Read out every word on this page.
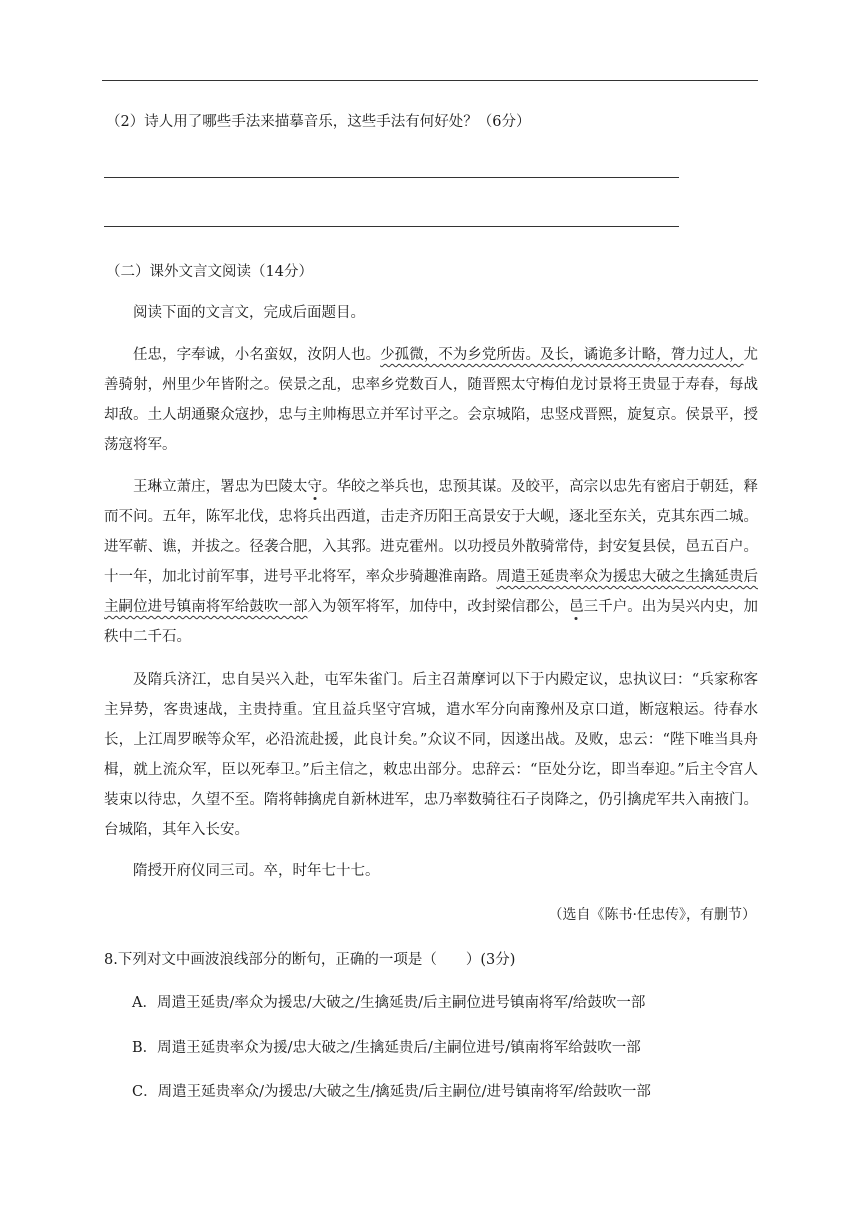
（2）诗人用了哪些手法来描摹音乐，这些手法有何好处？（6分）
（二）课外文言文阅读（14分）
阅读下面的文言文，完成后面题目。

任忠，字奉诚，小名蛮奴，汝阴人也。少孤微，不为乡党所齿。及长，谲诡多计略，膂力过人，尤善骑射，州里少年皆附之。侯景之乱，忠率乡党数百人，随晋熙太守梅伯龙讨景将王贵显于寿春，每战却敌。土人胡通聚众寇抄，忠与主帅梅思立并军讨平之。会京城陷，忠竖戍晋熙，旋复京。侯景平，授荡寇将军。

王琳立萧庄，署忠为巴陵太守。华皎之举兵也，忠预其谋。及皎平，高宗以忠先有密启于朝廷，释而不问。五年，陈军北伐，忠将兵出西道，击走齐历阳王高景安于大岘，逐北至东关，克其东西二城。进军蕲、谯，并拔之。径袭合肥，入其郛。进克霍州。以功授员外散骑常侍，封安复县侯，邑五百户。十一年，加北讨前军事，进号平北将军，率众步骑趣淮南路。周遣王延贵率众为援忠大破之生擒延贵后主嗣位进号镇南将军给鼓吹一部入为领军将军，加侍中，改封梁信郡公，邑三千户。出为吴兴内史，加秩中二千石。

及隋兵济江，忠自吴兴入赴，屯军朱雀门。后主召萧摩诃以下于内殿定议，忠执议曰：“兵家称客主异势，客贵速战，主贵持重。宜且益兵坚守宫城，遣水军分向南豫州及京口道，断寇粮运。待春水长，上江周罗㬋等众军，必沿流赴援，此良计矣。”众议不同，因遂出战。及败，忠云：“陛下唯当具舟楫，就上流众军，臣以死奉卫。”后主信之，敕忠出部分。忠辞云：“臣处分讫，即当奉迎。”后主令宫人装束以待忠，久望不至。隋将韩擒虎自新林进军，忠乃率数骑往石子岗降之，仍引擒虎军共入南掖门。台城陷，其年入长安。

隋授开府仪同三司。卒，时年七十七。

（选自《陈书·任忠传》，有删节）
8.下列对文中画波浪线部分的断句，正确的一项是（　　）(3分)
A．周遣王延贵/率众为援忠/大破之/生擒延贵/后主嗣位进号镇南将军/给鼓吹一部
B．周遣王延贵率众为援/忠大破之/生擒延贵后/主嗣位进号/镇南将军给鼓吹一部
C．周遣王延贵率众/为援忠/大破之生/擒延贵/后主嗣位/进号镇南将军/给鼓吹一部
